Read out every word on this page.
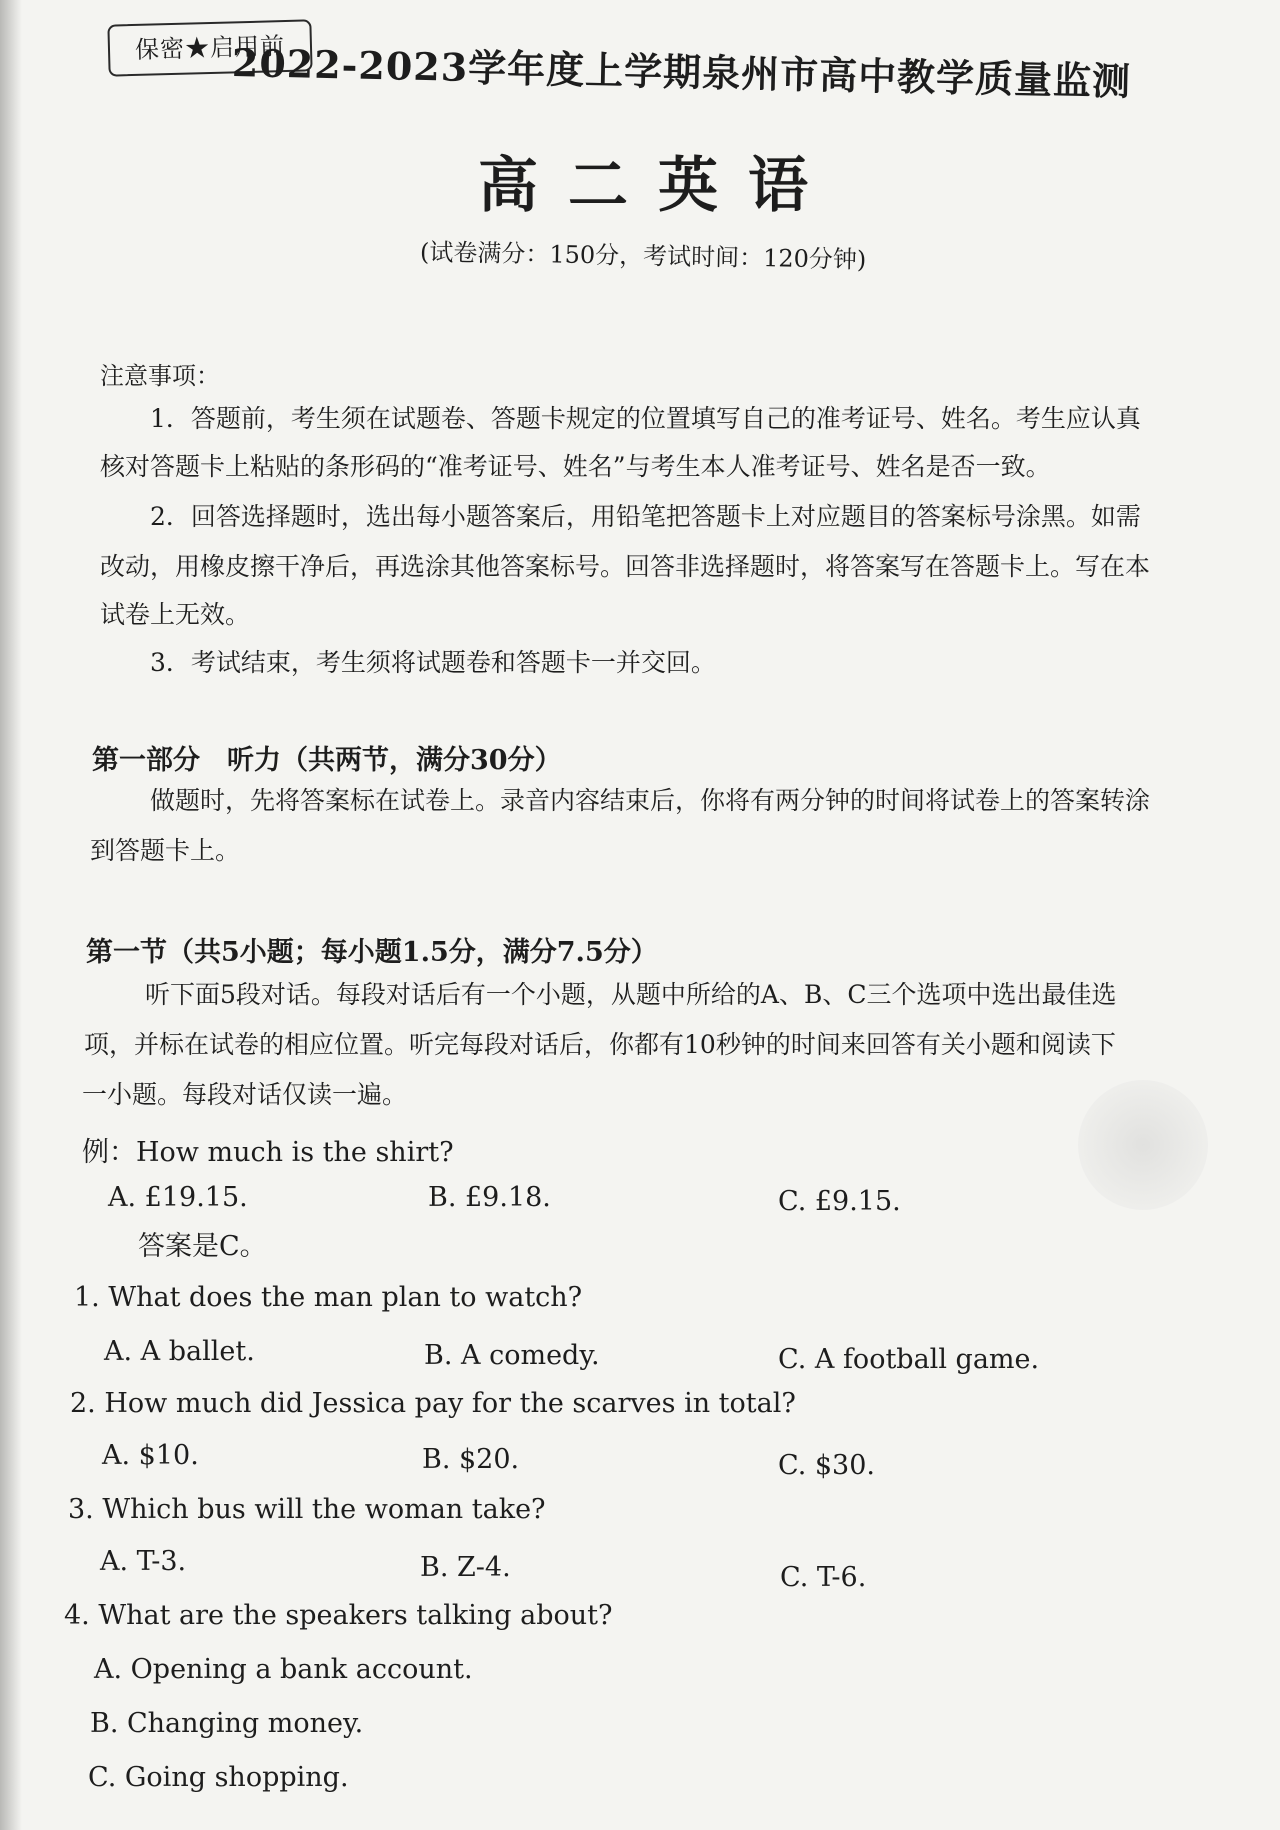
保密★启用前
2022-2023学年度上学期泉州市高中教学质量监测
高二英语
(试卷满分：150分，考试时间：120分钟)
注意事项：
1．答题前，考生须在试题卷、答题卡规定的位置填写自己的准考证号、姓名。考生应认真
核对答题卡上粘贴的条形码的“准考证号、姓名”与考生本人准考证号、姓名是否一致。
2．回答选择题时，选出每小题答案后，用铅笔把答题卡上对应题目的答案标号涂黑。如需
改动，用橡皮擦干净后，再选涂其他答案标号。回答非选择题时，将答案写在答题卡上。写在本
试卷上无效。
3．考试结束，考生须将试题卷和答题卡一并交回。
第一部分　听力（共两节，满分30分）
做题时，先将答案标在试卷上。录音内容结束后，你将有两分钟的时间将试卷上的答案转涂
到答题卡上。
第一节（共5小题；每小题1.5分，满分7.5分）
听下面5段对话。每段对话后有一个小题，从题中所给的A、B、C三个选项中选出最佳选
项，并标在试卷的相应位置。听完每段对话后，你都有10秒钟的时间来回答有关小题和阅读下
一小题。每段对话仅读一遍。
例：How much is the shirt?
A. £19.15.	B. £9.18.	C. £9.15.
答案是C。
1. What does the man plan to watch?
A. A ballet.	B. A comedy.	C. A football game.
2. How much did Jessica pay for the scarves in total?
A. $10.	B. $20.	C. $30.
3. Which bus will the woman take?
A. T-3.	B. Z-4.	C. T-6.
4. What are the speakers talking about?
A. Opening a bank account.
B. Changing money.
C. Going shopping.
